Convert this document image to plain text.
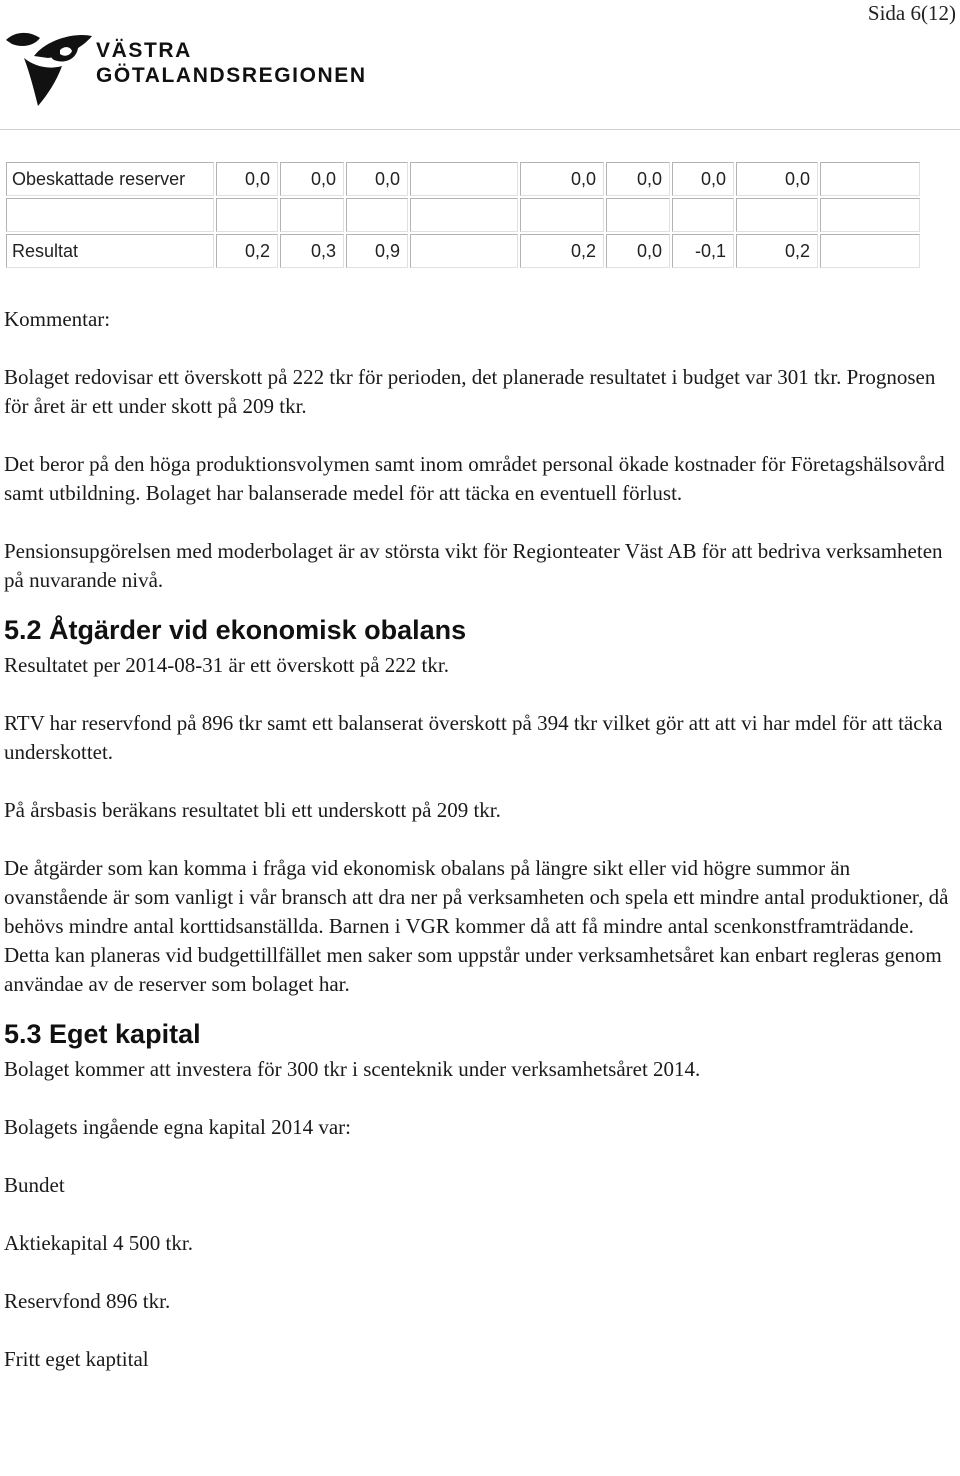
Sida 6(12)
VÄSTRA
GÖTALANDSREGIONEN
Obeskattade reserver	0,0	0,0	0,0		0,0	0,0	0,0	0,0	

Resultat	0,2	0,3	0,9		0,2	0,0	-0,1	0,2	

Kommentar:

Bolaget redovisar ett överskott på 222 tkr för perioden, det planerade resultatet i budget var 301 tkr. Prognosen för året är ett under skott på 209 tkr.

Det beror på den höga produktionsvolymen samt inom området personal ökade kostnader för Företagshälsovård samt utbildning. Bolaget har balanserade medel för att täcka en eventuell förlust.

Pensionsupgörelsen med moderbolaget är av största vikt för Regionteater Väst AB för att bedriva verksamheten på nuvarande nivå.

5.2 Åtgärder vid ekonomisk obalans

Resultatet per 2014-08-31 är ett överskott på 222 tkr.

RTV har reservfond på 896 tkr samt ett balanserat överskott på 394 tkr vilket gör att att vi har mdel för att täcka underskottet.

På årsbasis beräkans resultatet bli ett underskott på 209 tkr.

De åtgärder som kan komma i fråga vid ekonomisk obalans på längre sikt eller vid högre summor än ovanstående är som vanligt i vår bransch att dra ner på verksamheten och spela ett mindre antal produktioner, då behövs mindre antal korttidsanställda. Barnen i VGR kommer då att få mindre antal scenkonstframträdande. Detta kan planeras vid budgettillfället men saker som uppstår under verksamhetsåret kan enbart regleras genom användae av de reserver som bolaget har.

5.3 Eget kapital

Bolaget kommer att investera för 300 tkr i scenteknik under verksamhetsåret 2014.

Bolagets ingående egna kapital 2014 var:

Bundet

Aktiekapital 4 500 tkr.

Reservfond 896 tkr.

Fritt eget kaptital
